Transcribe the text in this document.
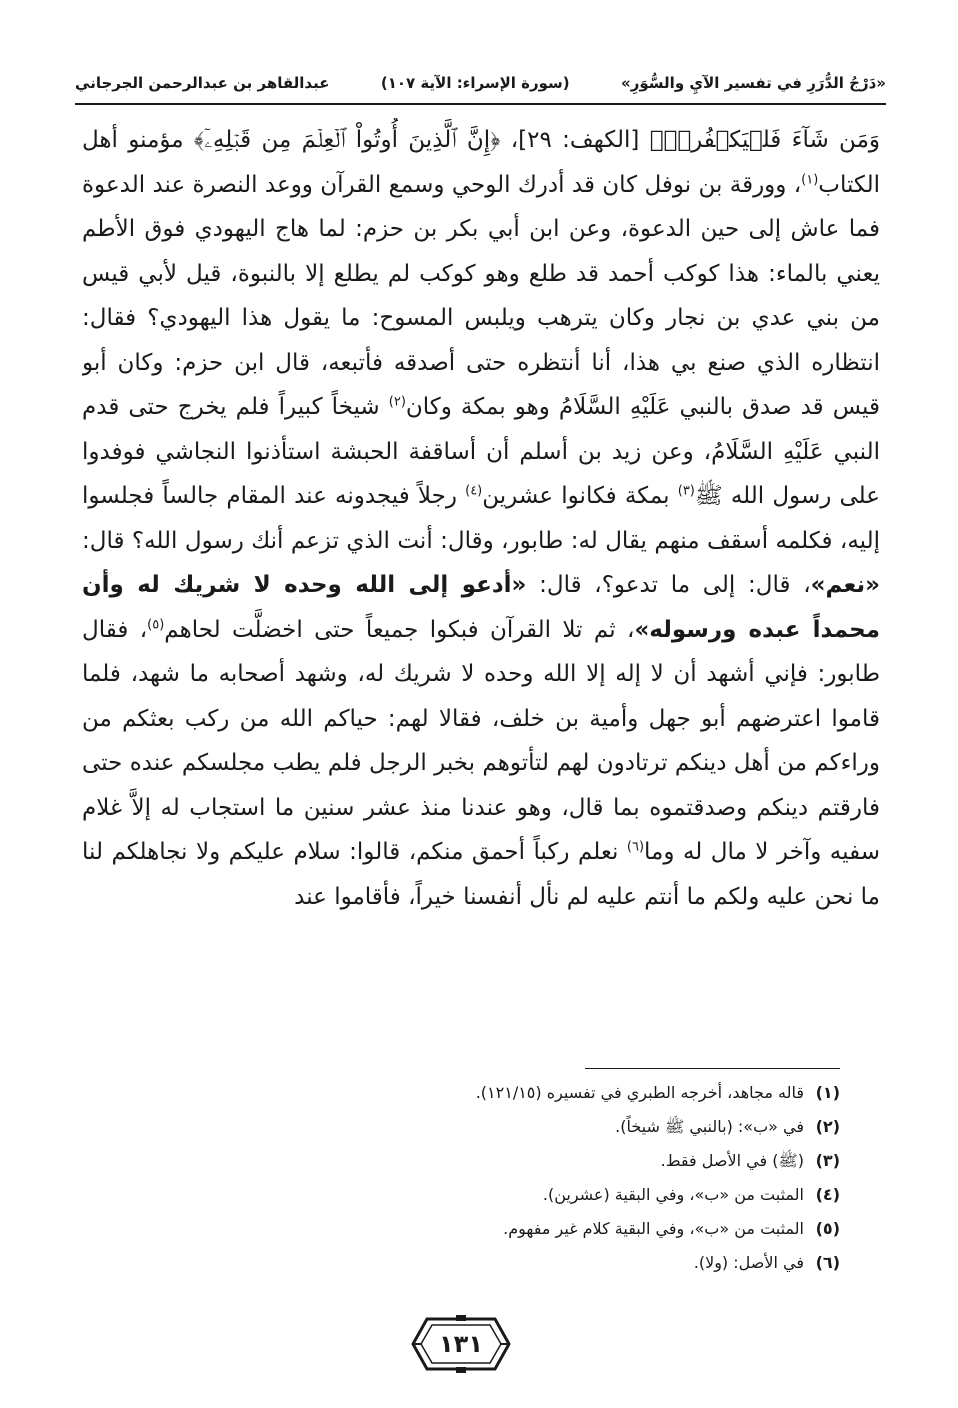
«دَرْجُ الدُّرَرِ في تفسير الآيِ والسُّوَرِ»
(سورة الإسراء: الآية ١٠٧)
عبدالقاهر بن عبدالرحمن الجرجاني
وَمَن شَآءَ فَلۡيَكۡفُرۡۚ﴾ [الكهف: ٢٩]، ﴿إِنَّ ٱلَّذِينَ أُوتُواْ ٱلۡعِلۡمَ مِن قَبۡلِهِۦٓ﴾ مؤمنو أهل الكتاب$^{(١)}$، وورقة بن نوفل كان قد أدرك الوحي وسمع القرآن ووعد النصرة عند الدعوة فما عاش إلى حين الدعوة، وعن ابن أبي بكر بن حزم: لما هاج اليهودي فوق الأطم يعني بالماء: هذا كوكب أحمد قد طلع وهو كوكب لم يطلع إلا بالنبوة، قيل لأبي قيس من بني عدي بن نجار وكان يترهب ويلبس المسوح: ما يقول هذا اليهودي؟ فقال: انتظاره الذي صنع بي هذا، أنا أنتظره حتى أصدقه فأتبعه، قال ابن حزم: وكان أبو قيس قد صدق بالنبي عَلَيْهِ السَّلَامُ وهو بمكة وكان$^{(٢)}$ شيخاً كبيراً فلم يخرج حتى قدم النبي عَلَيْهِ السَّلَامُ، وعن زيد بن أسلم أن أساقفة الحبشة استأذنوا النجاشي فوفدوا على رسول الله ﷺ$^{(٣)}$ بمكة فكانوا عشرين$^{(٤)}$ رجلاً فيجدونه عند المقام جالساً فجلسوا إليه، فكلمه أسقف منهم يقال له: طابور، وقال: أنت الذي تزعم أنك رسول الله؟ قال: «نعم»، قال: إلى ما تدعو؟، قال: «أدعو إلى الله وحده لا شريك له وأن محمداً عبده ورسوله»، ثم تلا القرآن فبكوا جميعاً حتى اخضلَّت لحاهم$^{(٥)}$، فقال طابور: فإني أشهد أن لا إله إلا الله وحده لا شريك له، وشهد أصحابه ما شهد، فلما قاموا اعترضهم أبو جهل وأمية بن خلف، فقالا لهم: حياكم الله من ركب بعثكم من وراءكم من أهل دينكم ترتادون لهم لتأتوهم بخبر الرجل فلم يطب مجلسكم عنده حتى فارقتم دينكم وصدقتموه بما قال، وهو عندنا منذ عشر سنين ما استجاب له إلاَّ غلام سفيه وآخر لا مال له وما$^{(٦)}$ نعلم ركباً أحمق منكم، قالوا: سلام عليكم ولا نجاهلكم لنا ما نحن عليه ولكم ما أنتم عليه لم نأل أنفسنا خيراً، فأقاموا عند
(١)
قاله مجاهد، أخرجه الطبري في تفسيره (١٢١/١٥).
(٢)
في «ب»: (بالنبي ﷺ شيخاً).
(٣)
(ﷺ) في الأصل فقط.
(٤)
المثبت من «ب»، وفي البقية (عشرين).
(٥)
المثبت من «ب»، وفي البقية كلام غير مفهوم.
(٦)
في الأصل: (ولا).
١٣١
